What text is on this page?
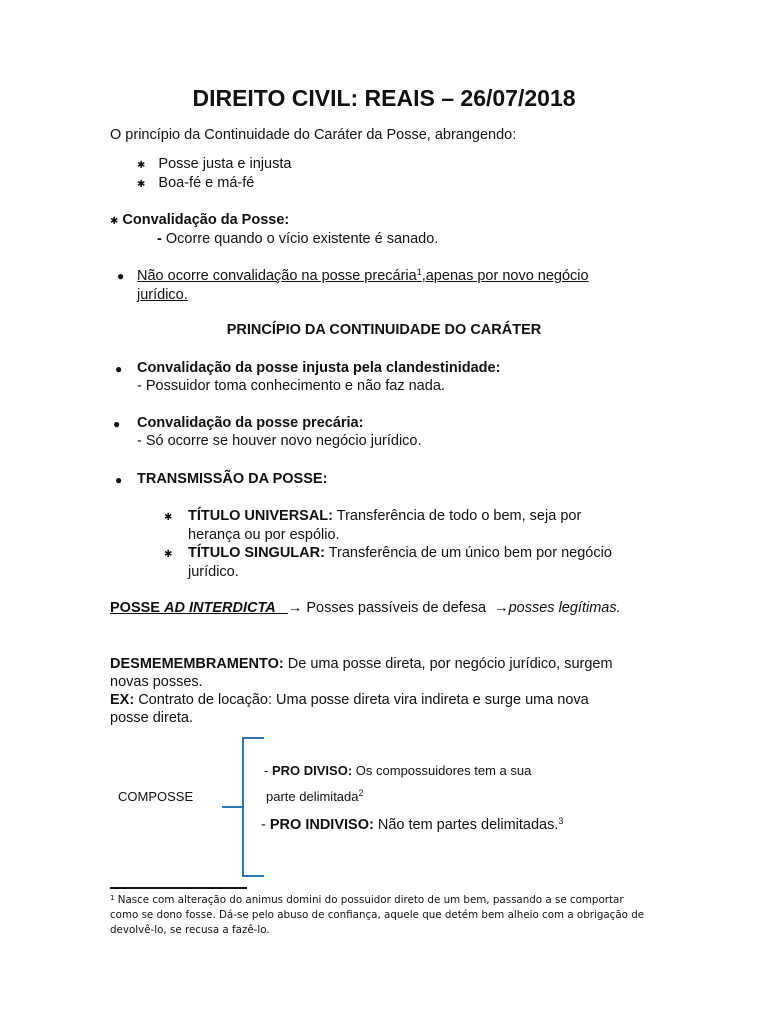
DIREITO CIVIL: REAIS – 26/07/2018
O princípio da Continuidade do Caráter da Posse, abrangendo:
✱ Posse justa e injusta
✱ Boa-fé e má-fé
✱ Convalidação da Posse:
- Ocorre quando o vício existente é sanado.
● Não ocorre convalidação na posse precária$^1$,apenas por novo negócio
jurídico.
PRINCÍPIO DA CONTINUIDADE DO CARÁTER
● Convalidação da posse injusta pela clandestinidade:
- Possuidor toma conhecimento e não faz nada.
● Convalidação da posse precária:
- Só ocorre se houver novo negócio jurídico.
● TRANSMISSÃO DA POSSE:
✱ TÍTULO UNIVERSAL: Transferência de todo o bem, seja por
herança ou por espólio.
✱ TÍTULO SINGULAR: Transferência de um único bem por negócio
jurídico.
POSSE AD INTERDICTA → Posses passíveis de defesa →posses legítimas.
DESMEMEMBRAMENTO: De uma posse direta, por negócio jurídico, surgem
novas posses.
EX: Contrato de locação: Uma posse direta vira indireta e surge uma nova
posse direta.
COMPOSSE
- PRO DIVISO: Os compossuidores tem a sua
parte delimitada$^2$
- PRO INDIVISO: Não tem partes delimitadas.$^3$
$^1$ Nasce com alteração do animus domini do possuidor direto de um bem, passando a se comportar
como se dono fosse. Dá-se pelo abuso de confiança, aquele que detém bem alheio com a obrigação de
devolvê-lo, se recusa a fazê-lo.
